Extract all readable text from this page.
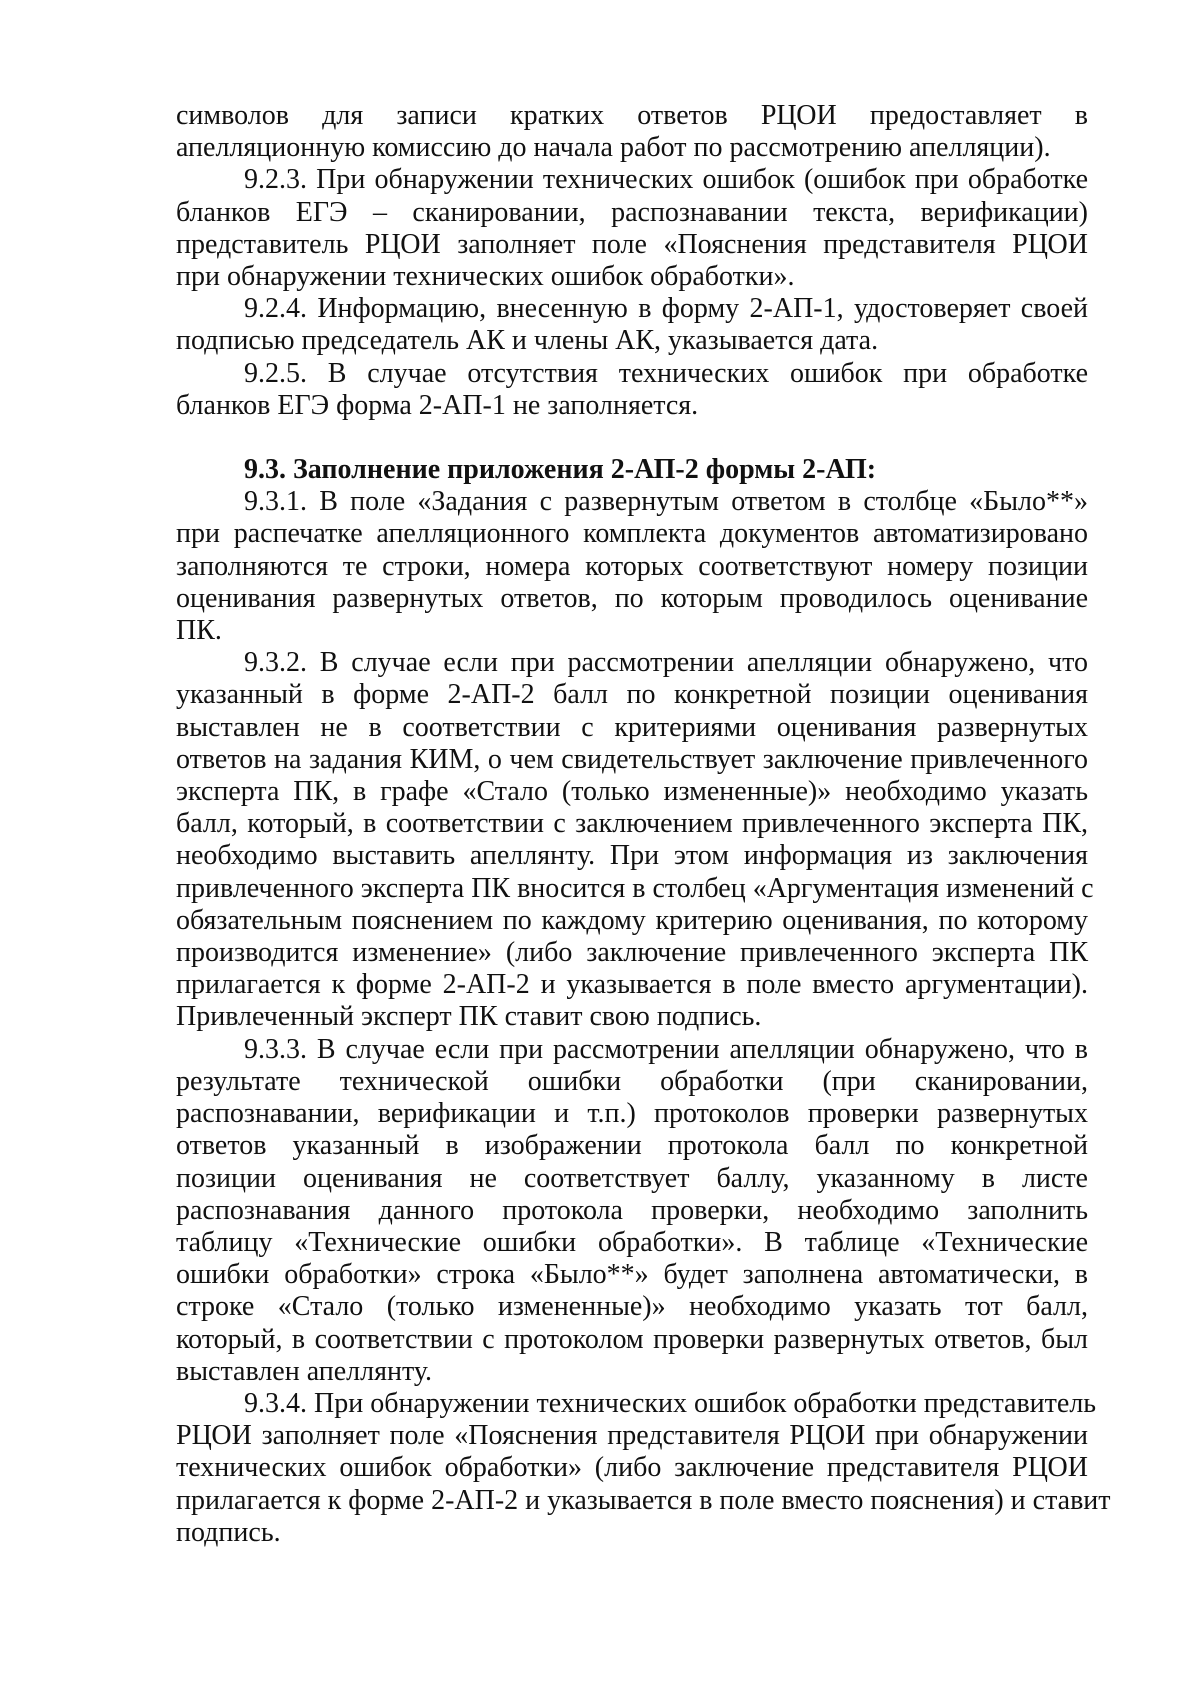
символов для записи кратких ответов РЦОИ предоставляет в
апелляционную комиссию до начала работ по рассмотрению апелляции).
9.2.3. При обнаружении технических ошибок (ошибок при обработке
бланков ЕГЭ – сканировании, распознавании текста, верификации)
представитель РЦОИ заполняет поле «Пояснения представителя РЦОИ
при обнаружении технических ошибок обработки».
9.2.4. Информацию, внесенную в форму 2-АП-1, удостоверяет своей
подписью председатель АК и члены АК, указывается дата.
9.2.5. В случае отсутствия технических ошибок при обработке
бланков ЕГЭ форма 2-АП-1 не заполняется.
9.3. Заполнение приложения 2-АП-2 формы 2-АП:
9.3.1. В поле «Задания с развернутым ответом в столбце «Было**»
при распечатке апелляционного комплекта документов автоматизировано
заполняются те строки, номера которых соответствуют номеру позиции
оценивания развернутых ответов, по которым проводилось оценивание
ПК.
9.3.2. В случае если при рассмотрении апелляции обнаружено, что
указанный в форме 2-АП-2 балл по конкретной позиции оценивания
выставлен не в соответствии с критериями оценивания развернутых
ответов на задания КИМ, о чем свидетельствует заключение привлеченного
эксперта ПК, в графе «Стало (только измененные)» необходимо указать
балл, который, в соответствии с заключением привлеченного эксперта ПК,
необходимо выставить апеллянту. При этом информация из заключения
привлеченного эксперта ПК вносится в столбец «Аргументация изменений с
обязательным пояснением по каждому критерию оценивания, по которому
производится изменение» (либо заключение привлеченного эксперта ПК
прилагается к форме 2-АП-2 и указывается в поле вместо аргументации).
Привлеченный эксперт ПК ставит свою подпись.
9.3.3. В случае если при рассмотрении апелляции обнаружено, что в
результате технической ошибки обработки (при сканировании,
распознавании, верификации и т.п.) протоколов проверки развернутых
ответов указанный в изображении протокола балл по конкретной
позиции оценивания не соответствует баллу, указанному в листе
распознавания данного протокола проверки, необходимо заполнить
таблицу «Технические ошибки обработки». В таблице «Технические
ошибки обработки» строка «Было**» будет заполнена автоматически, в
строке «Стало (только измененные)» необходимо указать тот балл,
который, в соответствии с протоколом проверки развернутых ответов, был
выставлен апеллянту.
9.3.4. При обнаружении технических ошибок обработки представитель
РЦОИ заполняет поле «Пояснения представителя РЦОИ при обнаружении
технических ошибок обработки» (либо заключение представителя РЦОИ
прилагается к форме 2-АП-2 и указывается в поле вместо пояснения) и ставит
подпись.
